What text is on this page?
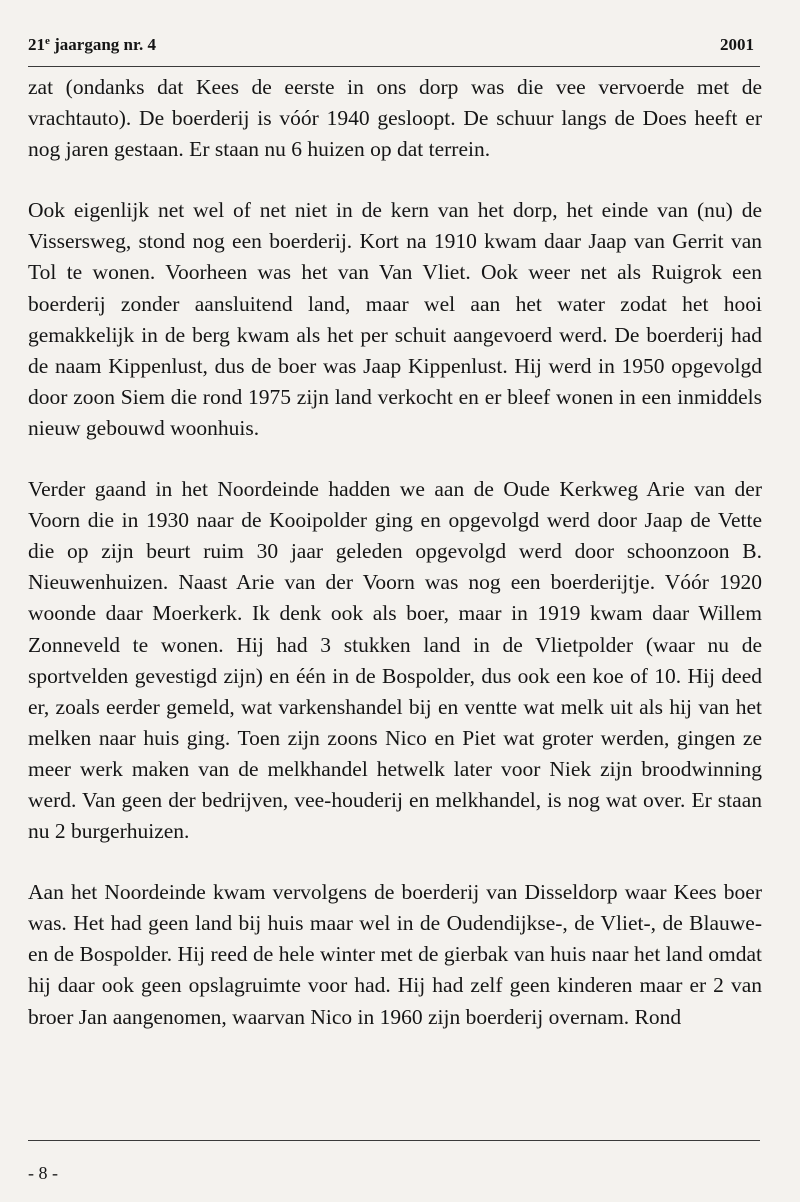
21e jaargang nr. 4	2001

zat (ondanks dat Kees de eerste in ons dorp was die vee vervoerde met de vrachtauto). De boerderij is vóór 1940 gesloopt. De schuur langs de Does heeft er nog jaren gestaan. Er staan nu 6 huizen op dat terrein.

Ook eigenlijk net wel of net niet in de kern van het dorp, het einde van (nu) de Vissersweg, stond nog een boerderij. Kort na 1910 kwam daar Jaap van Gerrit van Tol te wonen. Voorheen was het van Van Vliet. Ook weer net als Ruigrok een boerderij zonder aansluitend land, maar wel aan het water zodat het hooi gemakkelijk in de berg kwam als het per schuit aangevoerd werd. De boerderij had de naam Kippenlust, dus de boer was Jaap Kippenlust. Hij werd in 1950 opgevolgd door zoon Siem die rond 1975 zijn land verkocht en er bleef wonen in een inmiddels nieuw gebouwd woonhuis.

Verder gaand in het Noordeinde hadden we aan de Oude Kerkweg Arie van der Voorn die in 1930 naar de Kooipolder ging en opgevolgd werd door Jaap de Vette die op zijn beurt ruim 30 jaar geleden opgevolgd werd door schoonzoon B. Nieuwenhuizen. Naast Arie van der Voorn was nog een boerderijtje. Vóór 1920 woonde daar Moerkerk. Ik denk ook als boer, maar in 1919 kwam daar Willem Zonneveld te wonen. Hij had 3 stukken land in de Vlietpolder (waar nu de sportvelden gevestigd zijn) en één in de Bospolder, dus ook een koe of 10. Hij deed er, zoals eerder gemeld, wat varkenshandel bij en ventte wat melk uit als hij van het melken naar huis ging. Toen zijn zoons Nico en Piet wat groter werden, gingen ze meer werk maken van de melkhandel hetwelk later voor Niek zijn broodwinning werd. Van geen der bedrijven, vee-houderij en melkhandel, is nog wat over. Er staan nu 2 burgerhuizen.

Aan het Noordeinde kwam vervolgens de boerderij van Disseldorp waar Kees boer was. Het had geen land bij huis maar wel in de Oudendijkse-, de Vliet-, de Blauwe- en de Bospolder. Hij reed de hele winter met de gierbak van huis naar het land omdat hij daar ook geen opslagruimte voor had. Hij had zelf geen kinderen maar er 2 van broer Jan aangenomen, waarvan Nico in 1960 zijn boerderij overnam. Rond

- 8 -
